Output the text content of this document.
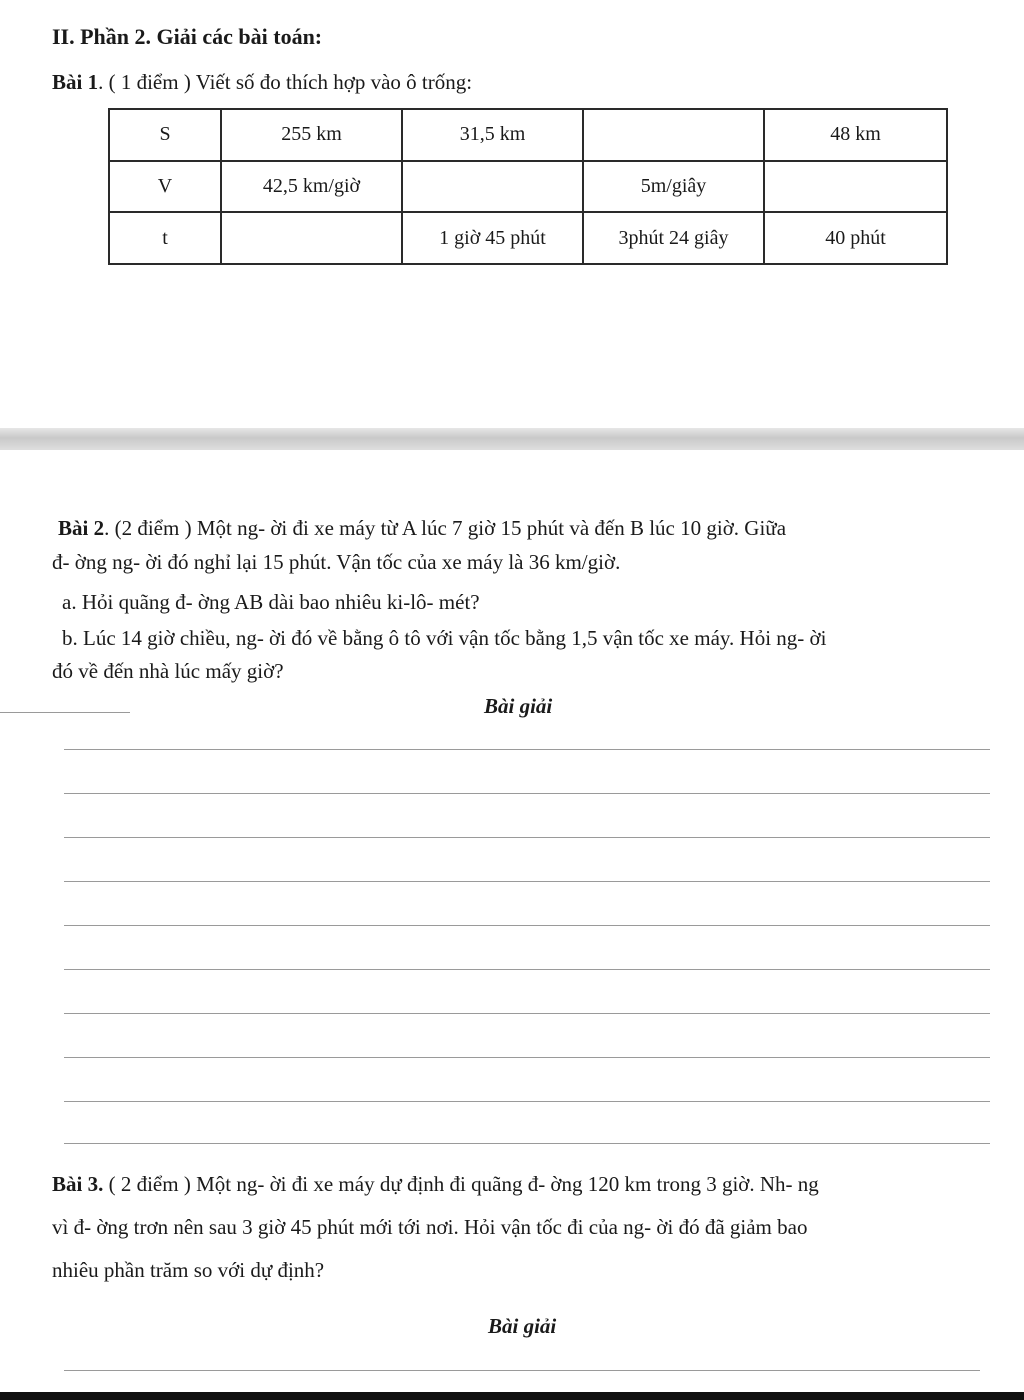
II. Phần 2. Giải các bài toán:
Bài 1. ( 1 điểm ) Viết số đo thích hợp vào ô trống:
S	255 km	31,5 km		48 km
V	42,5 km/giờ		5m/giây	
t		1 giờ 45 phút	3phút 24 giây	40 phút
Bài 2. (2 điểm ) Một ng- ời đi xe máy từ A lúc 7 giờ 15 phút và đến B lúc 10 giờ. Giữa
đ- ờng ng- ời đó nghỉ lại 15 phút. Vận tốc của xe máy là 36 km/giờ.
a. Hỏi quãng đ- ờng AB dài bao nhiêu ki-lô- mét?
b. Lúc 14 giờ chiều, ng- ời đó về bằng ô tô với vận tốc bằng 1,5 vận tốc xe máy. Hỏi ng- ời
đó về đến nhà lúc mấy giờ?
Bài giải
Bài 3. ( 2 điểm ) Một ng- ời đi xe máy dự định đi quãng đ- ờng 120 km trong 3 giờ. Nh- ng
vì đ- ờng trơn nên sau 3 giờ 45 phút mới tới nơi. Hỏi vận tốc đi của ng- ời đó đã giảm bao
nhiêu phần trăm so với dự định?
Bài giải
